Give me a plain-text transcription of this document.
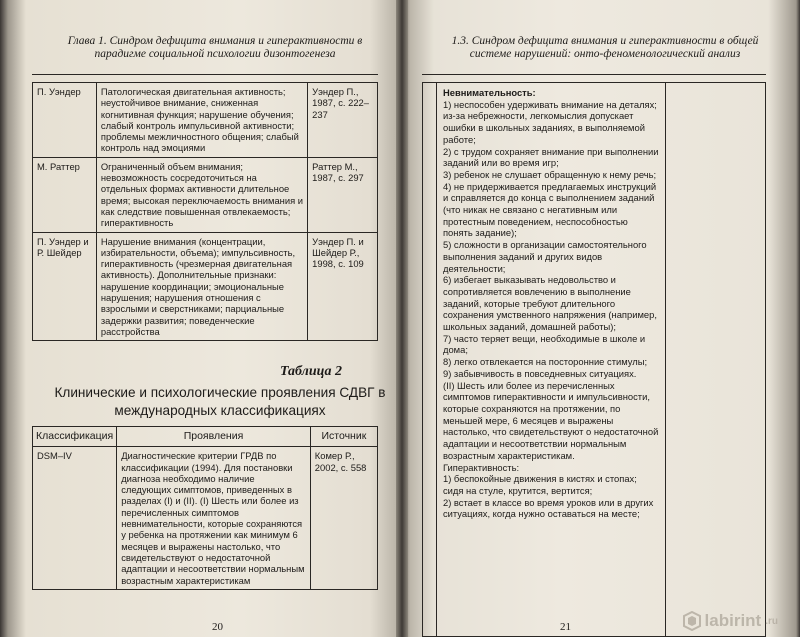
Глава 1. Синдром дефицита внимания и гиперактивности в парадигме социальной психологии дизонтогенеза
П. Уэндер	Патологическая двигательная активность; неустойчивое внимание, сниженная когнитивная функция; нарушение обучения; слабый контроль импульсивной активности; проблемы межличностного общения; слабый контроль над эмоциями	Уэндер П., 1987, с. 222–237
М. Раттер	Ограниченный объем внимания; невозможность сосредоточиться на отдельных формах активности длительное время; высокая переключаемость внимания и как следствие повышенная отвлекаемость; гиперактивность	Раттер М., 1987, с. 297
П. Уэндер и Р. Шейдер	Нарушение внимания (концентрации, избирательности, объема); импульсивность, гиперактивность (чрезмерная двигательная активность). Дополнительные признаки: нарушение координации; эмоциональные нарушения; нарушения отношения с взрослыми и сверстниками; парциальные задержки развития; поведенческие расстройства	Уэндер П. и Шейдер Р., 1998, с. 109
Таблица 2
Клинические и психологические проявления СДВГ в международных классификациях
Классификация	Проявления	Источник
DSM–IV	Диагностические критерии ГРДВ по классификации (1994). Для постановки диагноза необходимо наличие следующих симптомов, приведенных в разделах (I) и (II). (I) Шесть или более из перечисленных симптомов невнимательности, которые сохраняются у ребенка на протяжении как минимум 6 месяцев и выражены настолько, что свидетельствуют о недостаточной адаптации и несоответствии нормальным возрастным характеристикам	Комер Р., 2002, с. 558
20
1.3. Синдром дефицита внимания и гиперактивности в общей системе нарушений: онто-феноменологический анализ

Невнимательность:
1) неспособен удерживать внимание на деталях; из-за небрежности, легкомыслия допускает ошибки в школьных заданиях, в выполняемой работе;
2) с трудом сохраняет внимание при выполнении заданий или во время игр;
3) ребенок не слушает обращенную к нему речь;
4) не придерживается предлагаемых инструкций и справляется до конца с выполнением заданий (что никак не связано с негативным или протестным поведением, неспособностью понять задание);
5) сложности в организации самостоятельного выполнения заданий и других видов деятельности;
6) избегает выказывать недовольство и сопротивляется вовлечению в выполнение заданий, которые требуют длительного сохранения умственного напряжения (например, школьных заданий, домашней работы);
7) часто теряет вещи, необходимые в школе и дома;
8) легко отвлекается на посторонние стимулы;
9) забывчивость в повседневных ситуациях.
(II) Шесть или более из перечисленных симптомов гиперактивности и импульсивности, которые сохраняются на протяжении, по меньшей мере, 6 месяцев и выражены настолько, что свидетельствуют о недостаточной адаптации и несоответствии нормальным возрастным характеристикам.
Гиперактивность:
1) беспокойные движения в кистях и стопах; сидя на стуле, крутится, вертится;
2) встает в классе во время уроков или в других ситуациях, когда нужно оставаться на месте;

21	labirint .ru
